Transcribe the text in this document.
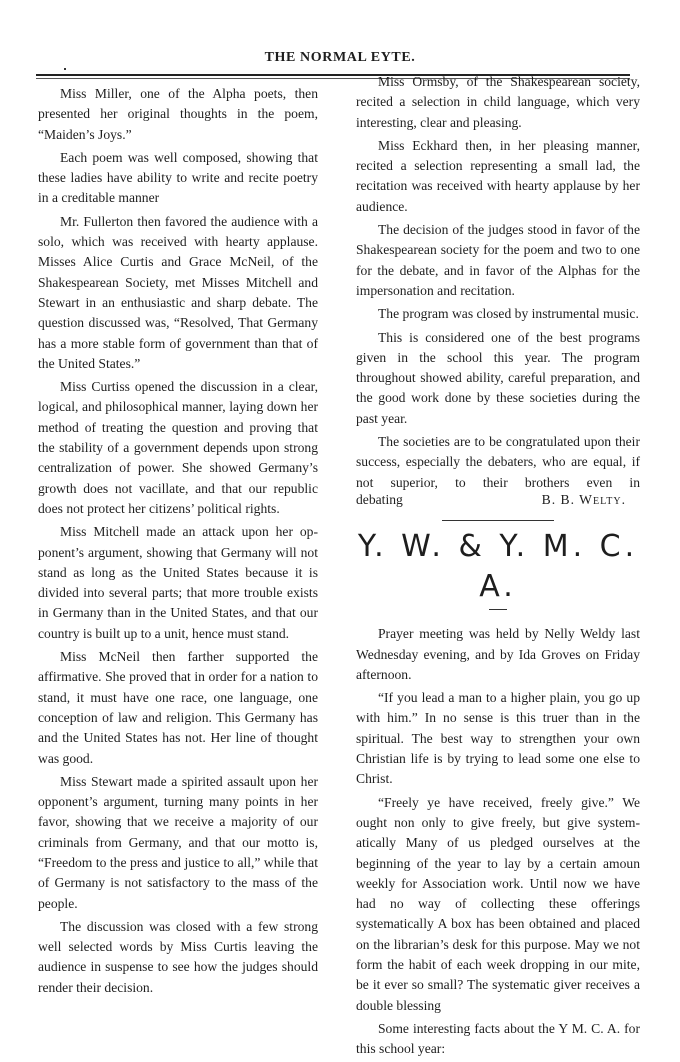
THE NORMAL EYTE.

Miss Miller, one of the Alpha poets, then presented her original thoughts in the poem, “Maiden’s Joys.”

Each poem was well composed, showing that these ladies have ability to write and recite poetry in a creditable manner

Mr. Fullerton then favored the audience with a solo, which was received with hearty applause. Misses Alice Curtis and Grace McNeil, of the Shakespearean Society, met Misses Mitchell and Stewart in an enthusiastic and sharp debate. The question discussed was, “Resolved, That Germany has a more stable form of government than that of the United States.”

Miss Curtiss opened the discussion in a clear, logical, and philosophical manner, laying down her method of treating the question and proving that the stability of a government depends upon strong centralization of power. She showed Germany’s growth does not vacillate, and that our republic does not protect her citizens’ political rights.

Miss Mitchell made an attack upon her opponent’s argument, showing that Germany will not stand as long as the United States because it is divided into several parts; that more trouble exists in Germany than in the United States, and that our country is built up to a unit, hence must stand.

Miss McNeil then farther supported the affirmative. She proved that in order for a nation to stand, it must have one race, one language, one conception of law and religion. This Germany has and the United States has not. Her line of thought was good.

Miss Stewart made a spirited assault upon her opponent’s argument, turning many points in her favor, showing that we receive a majority of our criminals from Germany, and that our motto is, “Freedom to the press and justice to all,” while that of Germany is not satisfactory to the mass of the people.

The discussion was closed with a few strong well selected words by Miss Curtis leaving the audience in suspense to see how the judges should render their decision.

Miss Ormsby, of the Shakespearean society, recited a selection in child language, which very interesting, clear and pleasing.

Miss Eckhard then, in her pleasing manner, recited a selection representing a small lad, the recitation was received with hearty applause by her audience.

The decision of the judges stood in favor of the Shakespearean society for the poem and two to one for the debate, and in favor of the Alphas for the impersonation and recitation.

The program was closed by instrumental music.

This is considered one of the best programs given in the school this year. The program throughout showed ability, careful preparation, and the good work done by these societies during the past year.

The societies are to be congratulated upon their success, especially the debaters, who are equal, if not superior, to their brothers even in

debating	B. B. Welty.
Y. W. & Y. M. C. A.

Prayer meeting was held by Nelly Weldy last Wednesday evening, and by Ida Groves on Friday afternoon.

“If you lead a man to a higher plain, you go up with him.” In no sense is this truer than in the spiritual. The best way to strengthen your own Christian life is by trying to lead some one else to Christ.

“Freely ye have received, freely give.” We ought non only to give freely, but give systematically Many of us pledged ourselves at the beginning of the year to lay by a certain amoun weekly for Association work. Until now we have had no way of collecting these offerings systematically A box has been obtained and placed on the librarian’s desk for this purpose. May we not form the habit of each week dropping in our mite, be it ever so small? The systematic giver receives a double blessing

Some interesting facts about the Y M. C. A. for this school year:
